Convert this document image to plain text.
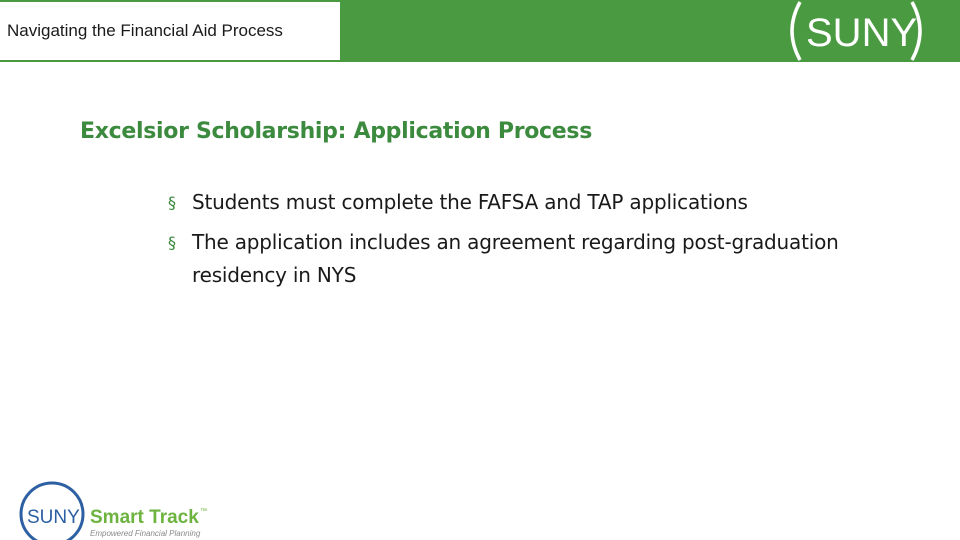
Navigating the Financial Aid Process	SUNY
Excelsior Scholarship: Application Process
§ Students must complete the FAFSA and TAP applications
§ The application includes an agreement regarding post-graduation residency in NYS
SUNY Smart Track ™
Empowered Financial Planning
